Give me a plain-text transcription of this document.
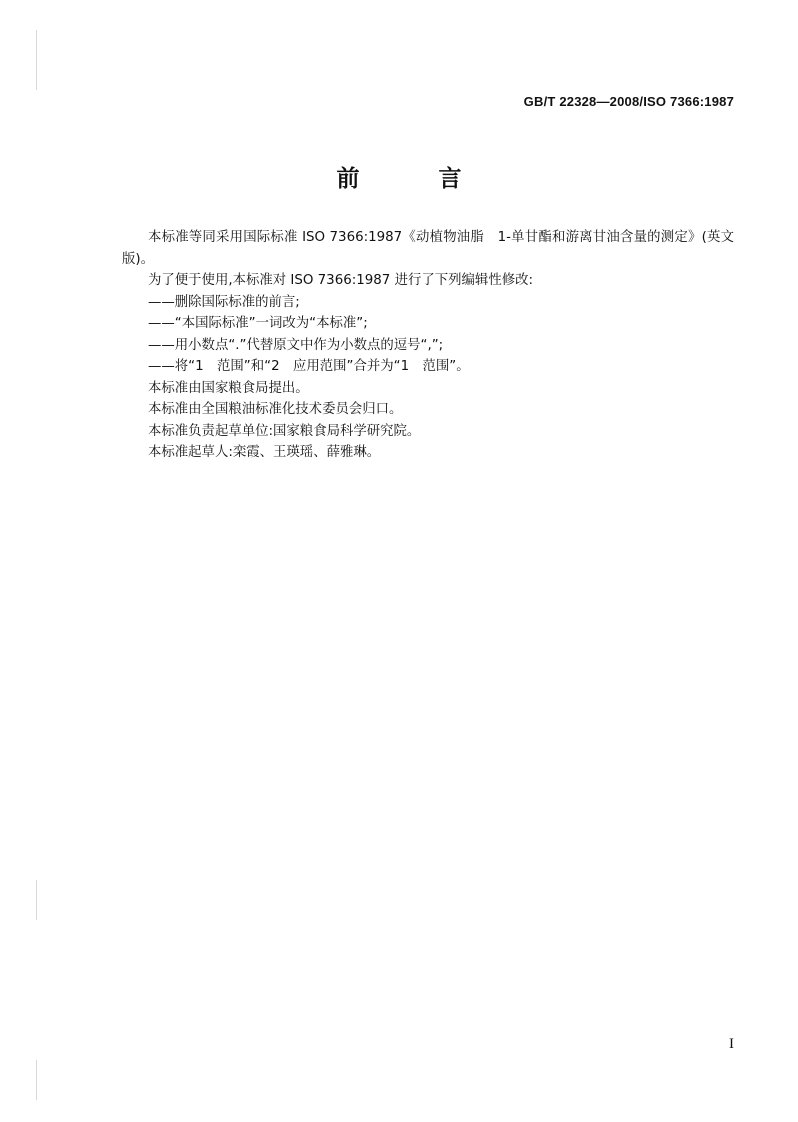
GB/T 22328—2008/ISO 7366:1987
前　言

本标准等同采用国际标准 ISO 7366:1987《动植物油脂　1-单甘酯和游离甘油含量的测定》(英文版)。

为了便于使用,本标准对 ISO 7366:1987 进行了下列编辑性修改:

——删除国际标准的前言;

——“本国际标准”一词改为“本标准”;

——用小数点“.”代替原文中作为小数点的逗号“,”;

——将“1　范围”和“2　应用范围”合并为“1　范围”。

本标准由国家粮食局提出。

本标准由全国粮油标准化技术委员会归口。

本标准负责起草单位:国家粮食局科学研究院。

本标准起草人:栾霞、王瑛瑶、薛雅琳。

I
